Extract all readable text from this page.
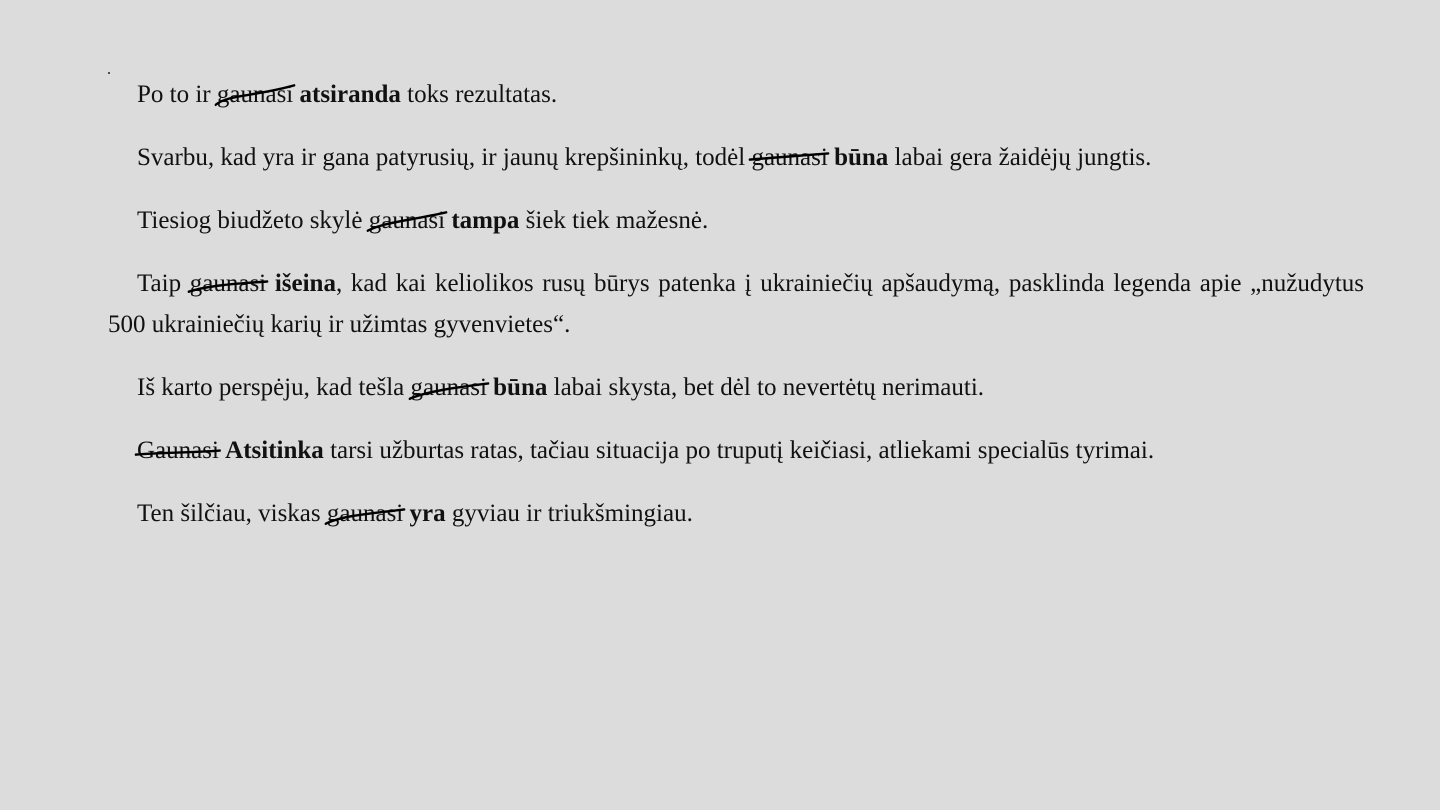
Po to ir gaunasi atsiranda toks rezultatas.

Svarbu, kad yra ir gana patyrusių, ir jaunų krepšininkų, todėl gaunasi būna labai gera žaidėjų jungtis.

Tiesiog biudžeto skylė gaunasi tampa šiek tiek mažesnė.

Taip gaunasi išeina, kad kai keliolikos rusų būrys patenka į ukrainiečių apšaudymą, pasklinda legenda apie „nužudytus 500 ukrainiečių karių ir užimtas gyvenvietes“.

Iš karto perspėju, kad tešla gaunasi būna labai skysta, bet dėl to nevertėtų nerimauti.

Gaunasi Atsitinka tarsi užburtas ratas, tačiau situacija po truputį keičiasi, atliekami specialūs tyrimai.

Ten šilčiau, viskas gaunasi yra gyviau ir triukšmingiau.
